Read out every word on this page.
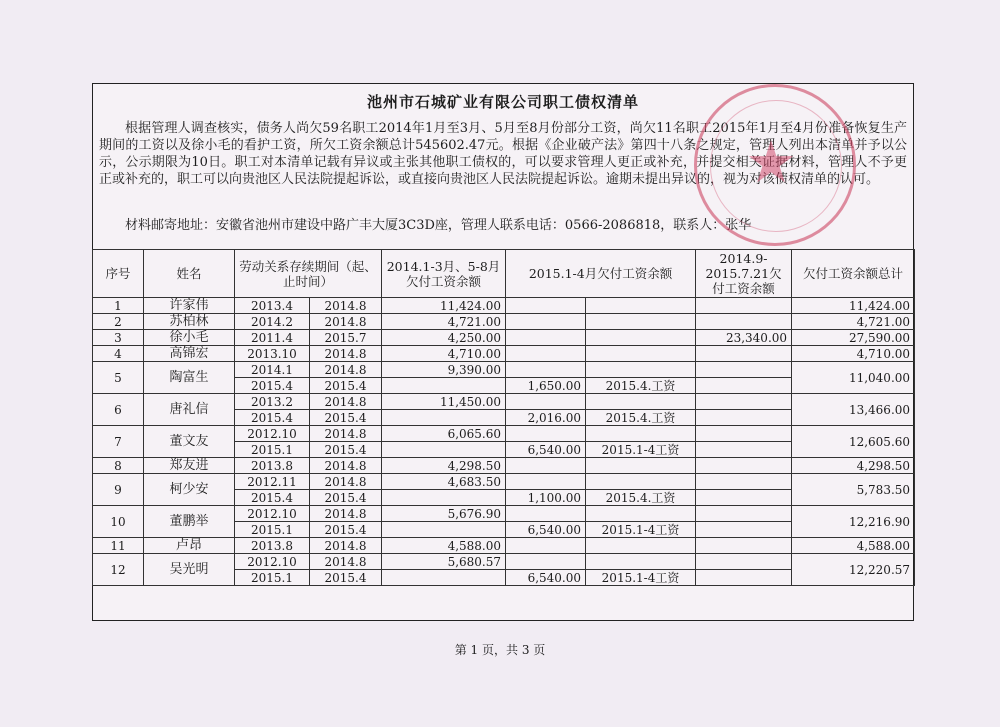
池州市石城矿业有限公司职工债权清单
根据管理人调查核实，债务人尚欠59名职工2014年1月至3月、5月至8月份部分工资，尚欠11名职工2015年1月至4月份准备恢复生产期间的工资以及徐小毛的看护工资，所欠工资余额总计545602.47元。根据《企业破产法》第四十八条之规定，管理人列出本清单并予以公示，公示期限为10日。职工对本清单记载有异议或主张其他职工债权的，可以要求管理人更正或补充，并提交相关证据材料，管理人不予更正或补充的，职工可以向贵池区人民法院提起诉讼，或直接向贵池区人民法院提起诉讼。逾期未提出异议的，视为对该债权清单的认可。
材料邮寄地址：安徽省池州市建设中路广丰大厦3C3D座，管理人联系电话：0566-2086818，联系人：张华
序号	姓名	劳动关系存续期间（起、止时间）		2014.1-3月、5-8月欠付工资余额	2015.1-4月欠付工资余额		2014.9-2015.7.21欠付工资余额	欠付工资余额总计
1	许家伟	2013.4	2014.8	11,424.00				11,424.00
2	苏柏林	2014.2	2014.8	4,721.00				4,721.00
3	徐小毛	2011.4	2015.7	4,250.00			23,340.00	27,590.00
4	高锦宏	2013.10	2014.8	4,710.00				4,710.00
5	陶富生	2014.1	2014.8	9,390.00				11,040.00
		2015.4	2015.4		1,650.00	2015.4.工资		
6	唐礼信	2013.2	2014.8	11,450.00				13,466.00
		2015.4	2015.4		2,016.00	2015.4.工资		
7	董文友	2012.10	2014.8	6,065.60				12,605.60
		2015.1	2015.4		6,540.00	2015.1-4工资		
8	郑友进	2013.8	2014.8	4,298.50				4,298.50
9	柯少安	2012.11	2014.8	4,683.50				5,783.50
		2015.4	2015.4		1,100.00	2015.4.工资		
10	董鹏举	2012.10	2014.8	5,676.90				12,216.90
		2015.1	2015.4		6,540.00	2015.1-4工资		
11	卢昂	2013.8	2014.8	4,588.00				4,588.00
12	吴光明	2012.10	2014.8	5,680.57				12,220.57
		2015.1	2015.4		6,540.00	2015.1-4工资		
★
第 1 页，共 3 页
